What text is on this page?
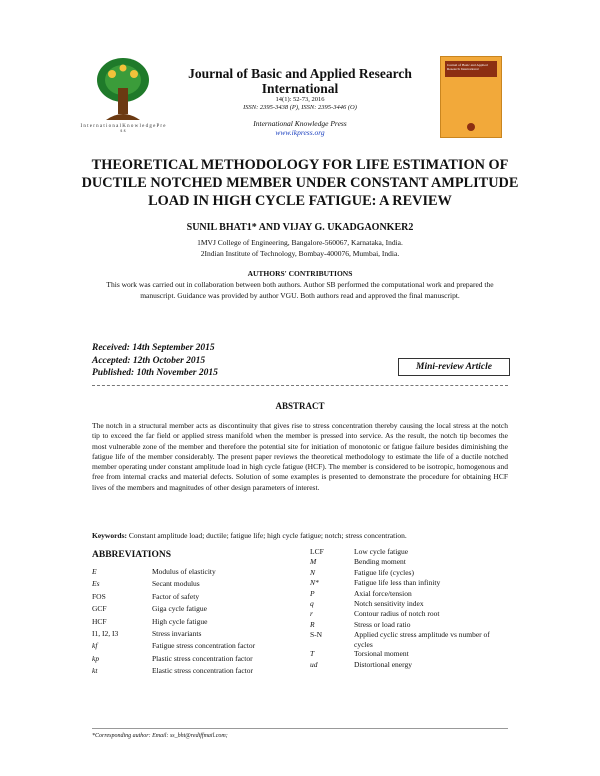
I n t e r n a t i o n a l K n o w l e d g e P r e s s
Journal of Basic and Applied Research International
14(1): 52-73, 2016
ISSN: 2395-3438 (P), ISSN: 2395-3446 (O)
International Knowledge Press
www.ikpress.org
Journal of Basic and Applied Research International
THEORETICAL METHODOLOGY FOR LIFE ESTIMATION OF DUCTILE NOTCHED MEMBER UNDER CONSTANT AMPLITUDE LOAD IN HIGH CYCLE FATIGUE: A REVIEW
SUNIL BHAT1* AND VIJAY G. UKADGAONKER2
1MVJ College of Engineering, Bangalore-560067, Karnataka, India.
2Indian Institute of Technology, Bombay-400076, Mumbai, India.
AUTHORS' CONTRIBUTIONS
This work was carried out in collaboration between both authors. Author SB performed the computational work and prepared the manuscript. Guidance was provided by author VGU. Both authors read and approved the final manuscript.
Received: 14th September 2015
Accepted: 12th October 2015
Published: 10th November 2015
Mini-review Article
ABSTRACT
The notch in a structural member acts as discontinuity that gives rise to stress concentration thereby causing the local stress at the notch tip to exceed the far field or applied stress manifold when the member is pressed into service. As the result, the notch tip becomes the most vulnerable zone of the member and therefore the potential site for initiation of monotonic or fatigue failure besides diminishing the fatigue life of the member considerably. The present paper reviews the theoretical methodology to estimate the life of a ductile notched member operating under constant amplitude load in high cycle fatigue (HCF). The member is considered to be isotropic, homogenous and free from internal cracks and material defects. Solution of some examples is presented to demonstrate the procedure for obtaining HCF lives of the members and magnitudes of other design parameters of interest.
Keywords: Constant amplitude load; ductile; fatigue life; high cycle fatigue; notch; stress concentration.
ABBREVIATIONS
E	Modulus of elasticity
Es	Secant modulus
FOS	Factor of safety
GCF	Giga cycle fatigue
HCF	High cycle fatigue
I1, I2, I3	Stress invariants
kf	Fatigue stress concentration factor
kp	Plastic stress concentration factor
kt	Elastic stress concentration factor
LCF	Low cycle fatigue
M	Bending moment
N	Fatigue life (cycles)
N*	Fatigue life less than infinity
P	Axial force/tension
q	Notch sensitivity index
r	Contour radius of notch root
R	Stress or load ratio
S-N	Applied cyclic stress amplitude vs number of cycles
T	Torsional moment
ud	Distortional energy
*Corresponding author: Email: ss_bht@rediffmail.com;
